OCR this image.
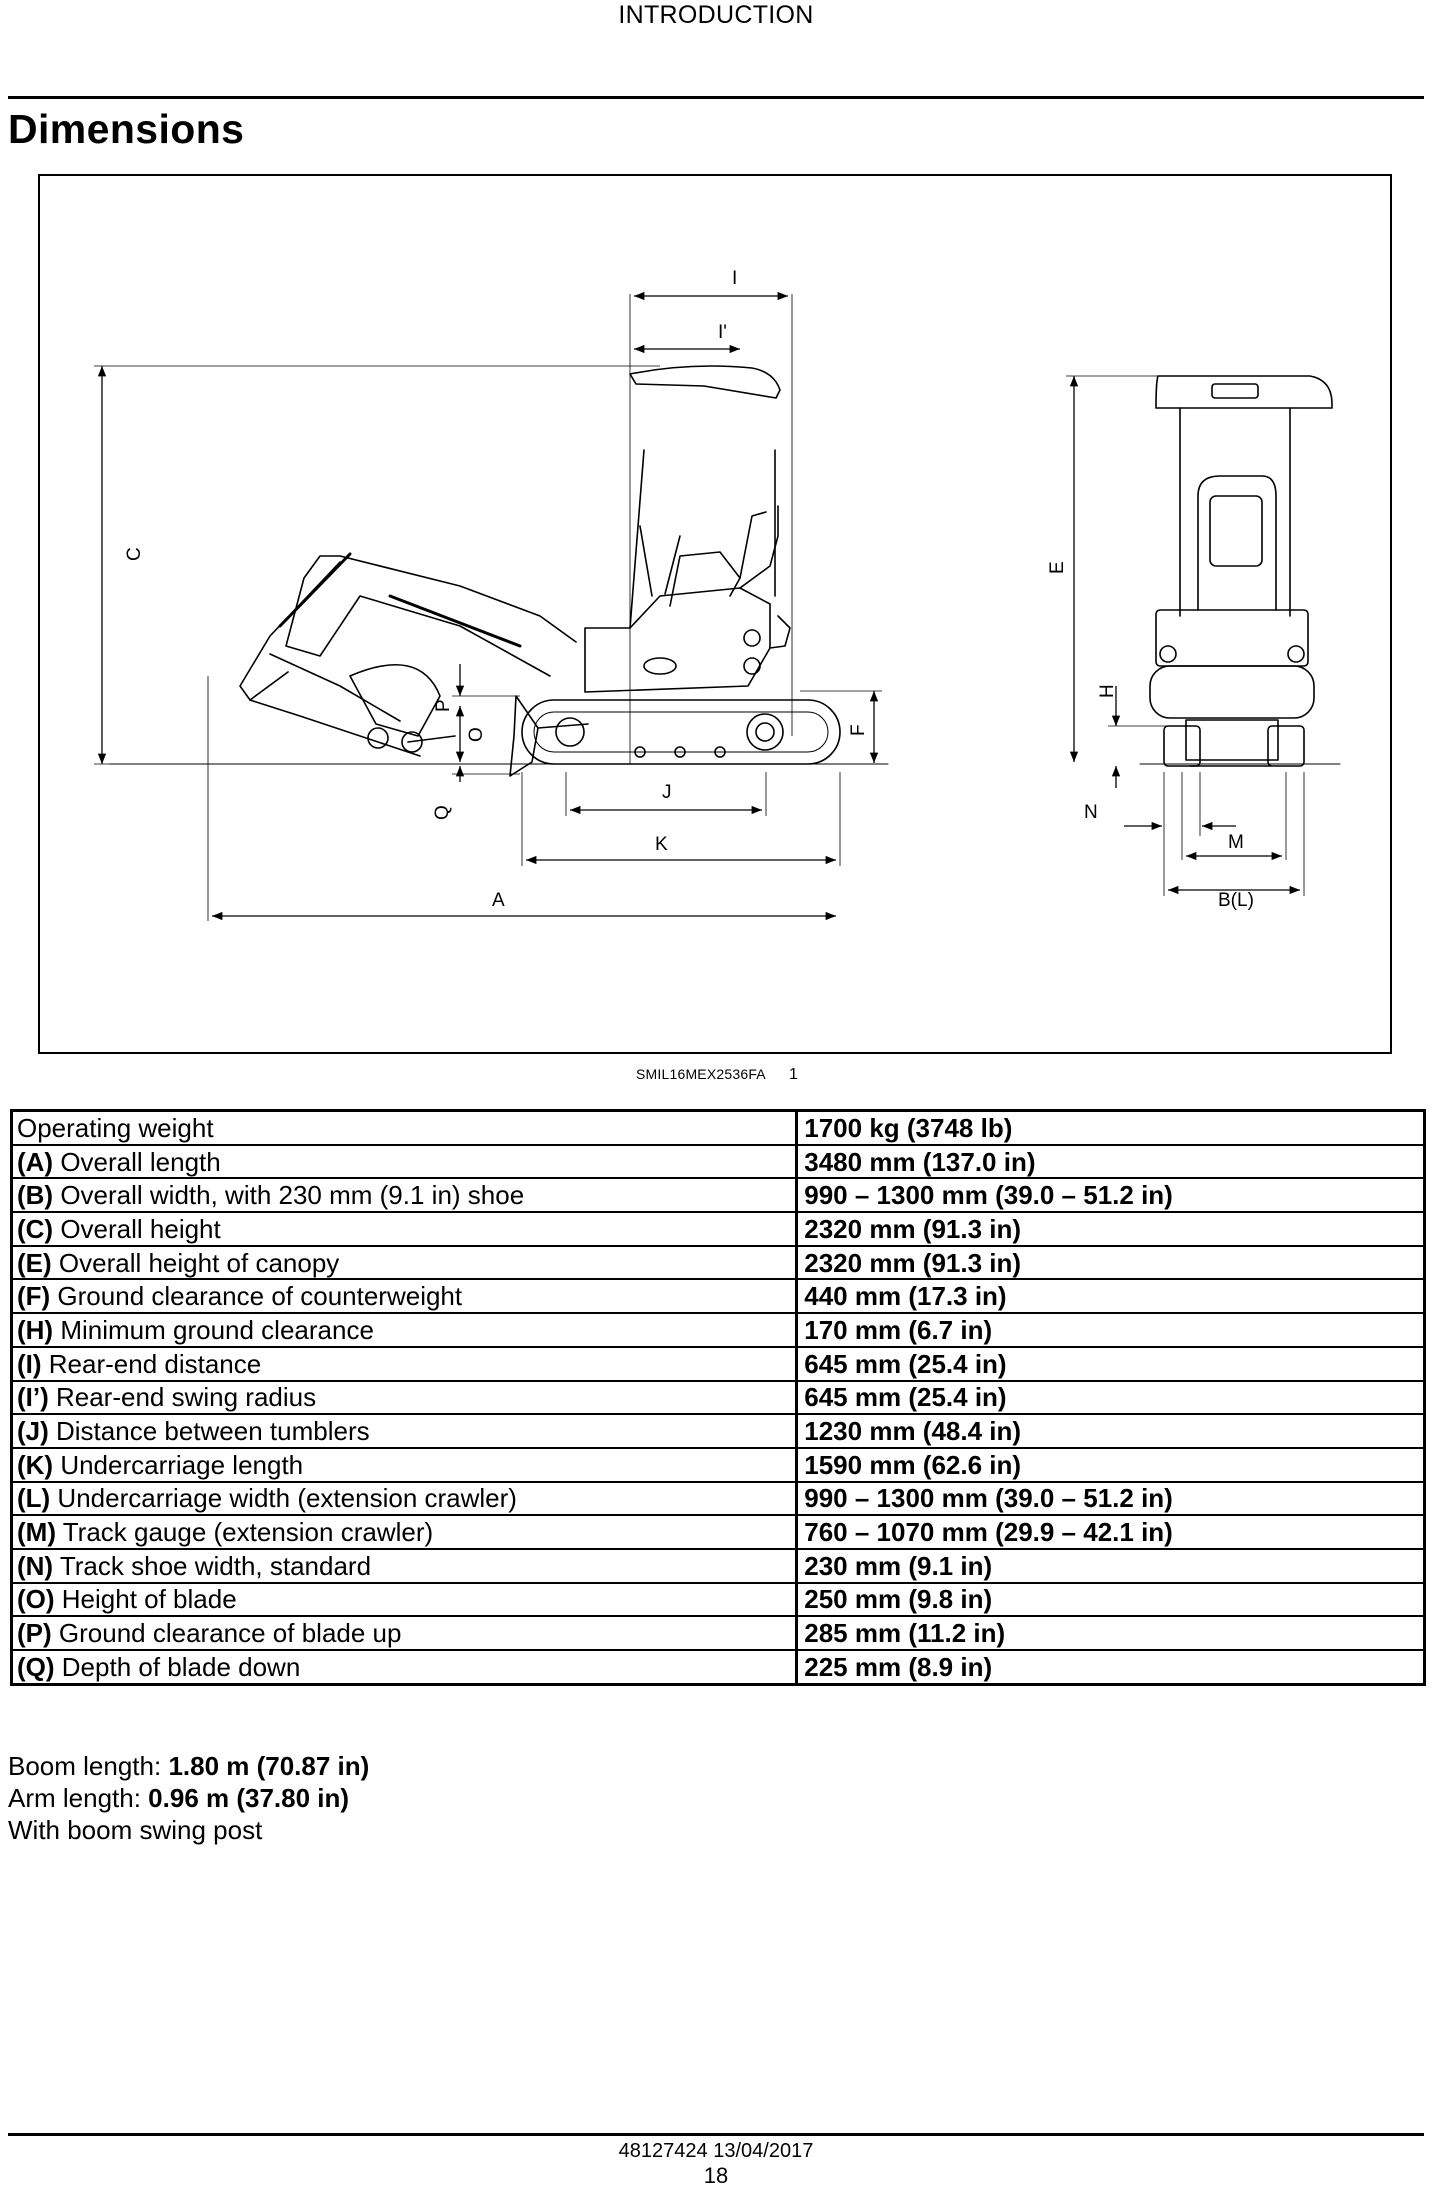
INTRODUCTION
Dimensions
I
I'
C
E
H
P
O
Q
F
J
K
A
N
M
B(L)
SMIL16MEX2536FA 1
Operating weight	1700 kg (3748 lb)
(A) Overall length	3480 mm (137.0 in)
(B) Overall width, with 230 mm (9.1 in) shoe	990 – 1300 mm (39.0 – 51.2 in)
(C) Overall height	2320 mm (91.3 in)
(E) Overall height of canopy	2320 mm (91.3 in)
(F) Ground clearance of counterweight	440 mm (17.3 in)
(H) Minimum ground clearance	170 mm (6.7 in)
(I) Rear-end distance	645 mm (25.4 in)
(I’) Rear-end swing radius	645 mm (25.4 in)
(J) Distance between tumblers	1230 mm (48.4 in)
(K) Undercarriage length	1590 mm (62.6 in)
(L) Undercarriage width (extension crawler)	990 – 1300 mm (39.0 – 51.2 in)
(M) Track gauge (extension crawler)	760 – 1070 mm (29.9 – 42.1 in)
(N) Track shoe width, standard	230 mm (9.1 in)
(O) Height of blade	250 mm (9.8 in)
(P) Ground clearance of blade up	285 mm (11.2 in)
(Q) Depth of blade down	225 mm (8.9 in)
Boom length: 1.80 m (70.87 in)
Arm length: 0.96 m (37.80 in)
With boom swing post
48127424 13/04/2017
18
